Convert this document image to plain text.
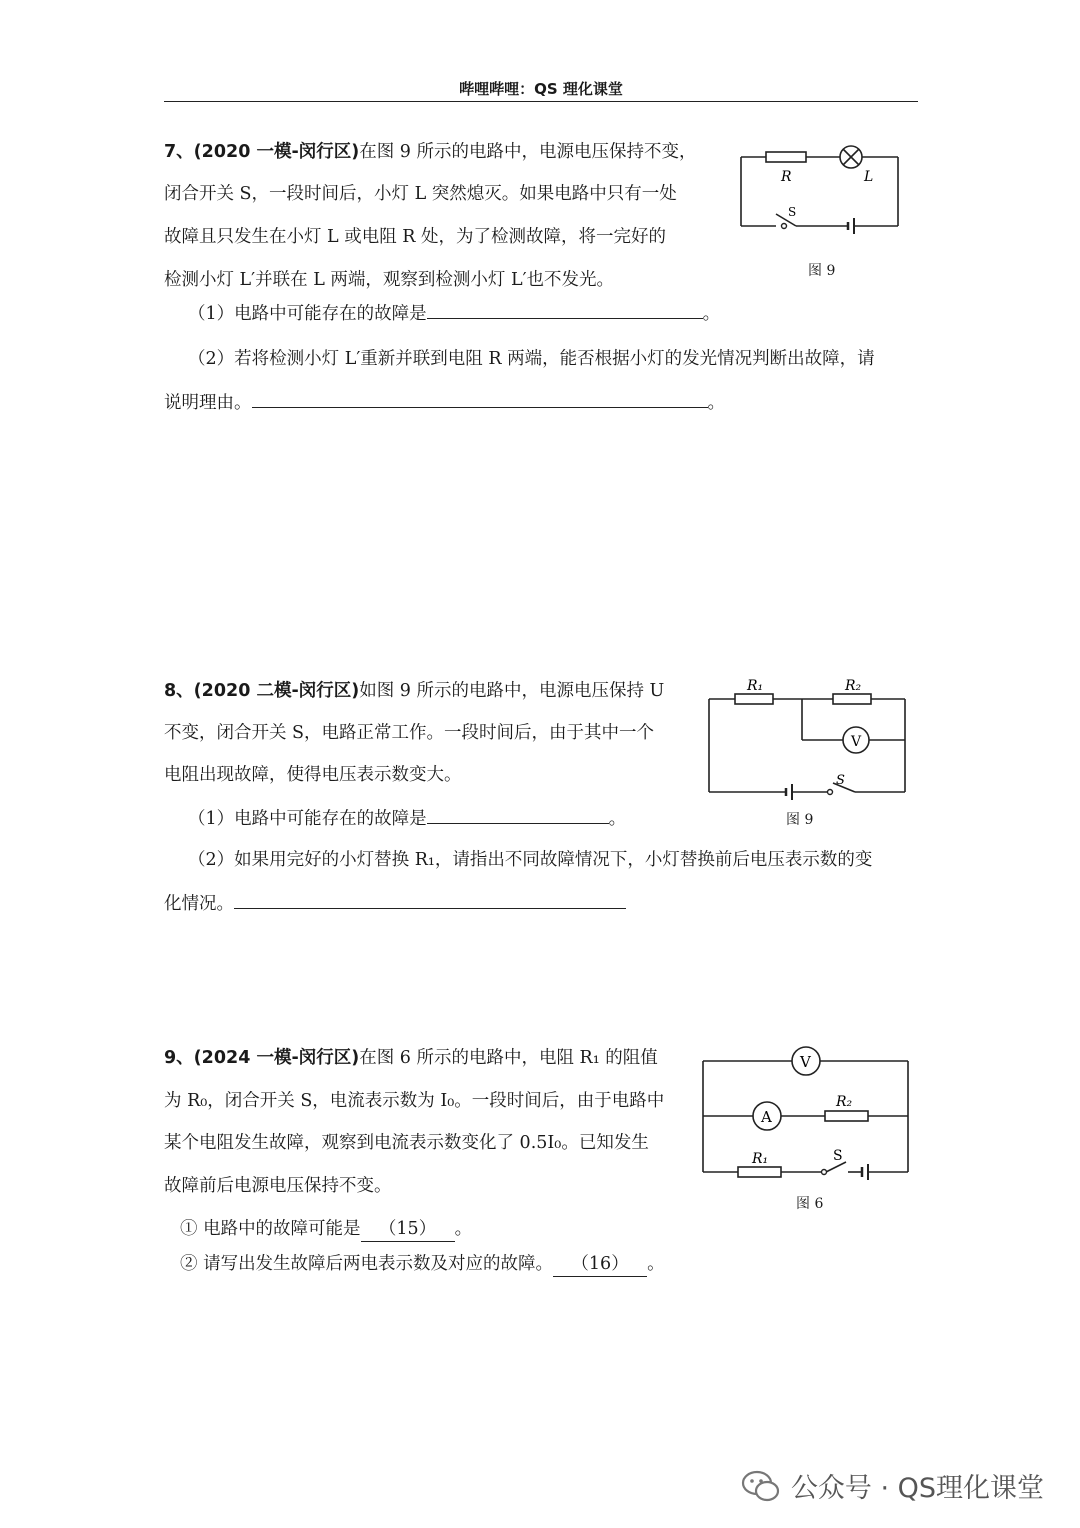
哔哩哔哩：QS 理化课堂
7、(2020 一模-闵行区)在图 9 所示的电路中，电源电压保持不变，
闭合开关 S，一段时间后，小灯 L 突然熄灭。如果电路中只有一处
故障且只发生在小灯 L 或电阻 R 处，为了检测故障，将一完好的
检测小灯 L′并联在 L 两端，观察到检测小灯 L′也不发光。
（1）电路中可能存在的故障是	。
（2）若将检测小灯 L′重新并联到电阻 R 两端，能否根据小灯的发光情况判断出故障，请
说明理由。	。
R	L
S
图 9
8、(2020 二模-闵行区)如图 9 所示的电路中，电源电压保持 U
不变，闭合开关 S，电路正常工作。一段时间后，由于其中一个
电阻出现故障，使得电压表示数变大。
（1）电路中可能存在的故障是	。
（2）如果用完好的小灯替换 R₁，请指出不同故障情况下，小灯替换前后电压表示数的变
化情况。
R₁	R₂
V
S
图 9
9、(2024 一模-闵行区)在图 6 所示的电路中，电阻 R₁ 的阻值
为 R₀，闭合开关 S，电流表示数为 I₀。一段时间后，由于电路中
某个电阻发生故障，观察到电流表示数变化了 0.5I₀。已知发生
故障前后电源电压保持不变。
① 电路中的故障可能是 （15） 。
② 请写出发生故障后两电表示数及对应的故障。 （16） 。
V
A
R₂
R₁	S
图 6
公众号 · QS理化课堂
